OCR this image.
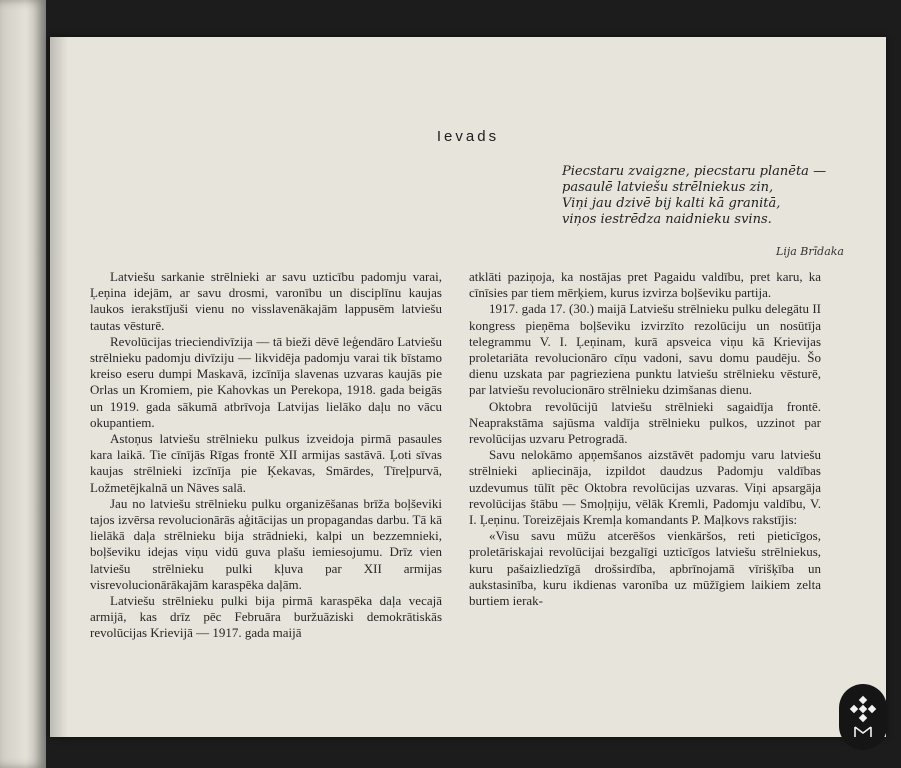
Ievads
Piecstaru zvaigzne, piecstaru planēta —
pasaulē latviešu strēlniekus zin,
Viņi jau dzivē bij kalti kā granitā,
viņos iestrēdza naidnieku svins.
Lija Brīdaka

Latviešu sarkanie strēlnieki ar savu uzticību padomju varai, Ļeņina idejām, ar savu drosmi, varonību un disciplīnu kaujas laukos ierakstījuši vienu no visslavenākajām lappusēm latviešu tautas vēsturē.

Revolūcijas trieciendivīzija — tā bieži dēvē leģendāro Latviešu strēlnieku padomju divīziju — likvidēja padomju varai tik bīstamo kreiso eseru dumpi Maskavā, izcīnīja slavenas uzvaras kaujās pie Orlas un Kromiem, pie Kahovkas un Perekopa, 1918. gada beigās un 1919. gada sākumā atbrīvoja Latvijas lielāko daļu no vācu okupantiem.

Astoņus latviešu strēlnieku pulkus izveidoja pirmā pasaules kara laikā. Tie cīnījās Rīgas frontē XII armijas sastāvā. Ļoti sīvas kaujas strēlnieki izcīnīja pie Ķekavas, Smārdes, Tīreļpurvā, Ložmetējkalnā un Nāves salā.

Jau no latviešu strēlnieku pulku organizēšanas brīža boļševiki tajos izvērsa revolucionārās aģitācijas un propagandas darbu. Tā kā lielākā daļa strēlnieku bija strādnieki, kalpi un bezzemnieki, boļševiku idejas viņu vidū guva plašu iemiesojumu. Drīz vien latviešu strēlnieku pulki kļuva par XII armijas visrevolucionārākajām karaspēka daļām.

Latviešu strēlnieku pulki bija pirmā karaspēka daļa vecajā armijā, kas drīz pēc Februāra buržuāziski demokrātiskās revolūcijas Krievijā — 1917. gada maijā

atklāti paziņoja, ka nostājas pret Pagaidu valdību, pret karu, ka cīnīsies par tiem mērķiem, kurus izvirza boļševiku partija.

1917. gada 17. (30.) maijā Latviešu strēlnieku pulku delegātu II kongress pieņēma boļševiku izvirzīto rezolūciju un nosūtīja telegrammu V. I. Ļeņinam, kurā apsveica viņu kā Krievijas proletariāta revolucionāro cīņu vadoni, savu domu paudēju. Šo dienu uzskata par pagrieziena punktu latviešu strēlnieku vēsturē, par latviešu revolucionāro strēlnieku dzimšanas dienu.

Oktobra revolūcijū latviešu strēlnieki sagaidīja frontē. Neaprakstāma sajūsma valdīja strēlnieku pulkos, uzzinot par revolūcijas uzvaru Petrogradā.

Savu nelokāmo apņemšanos aizstāvēt padomju varu latviešu strēlnieki apliecināja, izpildot daudzus Padomju valdības uzdevumus tūlīt pēc Oktobra revolūcijas uzvaras. Viņi apsargāja revolūcijas štābu — Smoļņiju, vēlāk Kremli, Padomju valdību, V. I. Ļeņinu. Toreizējais Kremļa komandants P. Maļkovs rakstījis:

«Visu savu mūžu atcerēšos vienkāršos, reti pieticīgos, proletāriskajai revolūcijai bezgalīgi uzticīgos latviešu strēlniekus, kuru pašaizliedzīgā drošsirdība, apbrīnojamā vīrišķība un aukstasinība, kuru ikdienas varonība uz mūžīgiem laikiem zelta burtiem ierak-
